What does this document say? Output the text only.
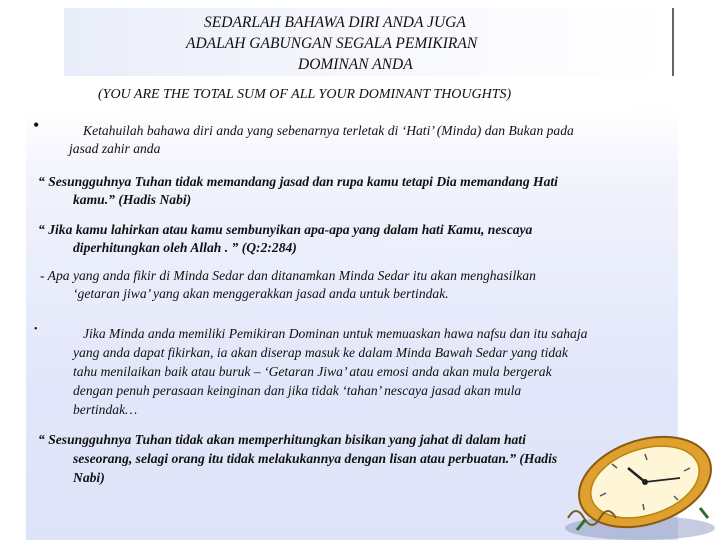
SEDARLAH BAHAWA DIRI ANDA JUGA
ADALAH GABUNGAN SEGALA PEMIKIRAN
DOMINAN ANDA
(YOU ARE THE TOTAL SUM OF ALL YOUR DOMINANT THOUGHTS)
•	Ketahuilah bahawa diri anda yang sebenarnya terletak di ‘Hati’ (Minda) dan Bukan pada
jasad zahir anda
“ Sesungguhnya Tuhan tidak memandang jasad dan rupa kamu tetapi Dia memandang Hati
kamu.” (Hadis Nabi)
“ Jika kamu lahirkan atau kamu sembunyikan apa-apa yang dalam hati Kamu, nescaya
diperhitungkan oleh Allah . ” (Q:2:284)
- Apa yang anda fikir di Minda Sedar dan ditanamkan Minda Sedar itu akan menghasilkan
‘getaran jiwa’ yang akan menggerakkan jasad anda untuk bertindak.
•	Jika Minda anda memiliki Pemikiran Dominan untuk memuaskan hawa nafsu dan itu sahaja
yang anda dapat fikirkan, ia akan diserap masuk ke dalam Minda Bawah Sedar yang tidak
tahu menilaikan baik atau buruk – ‘Getaran Jiwa’ atau emosi anda akan mula bergerak
dengan penuh perasaan keinginan dan jika tidak ‘tahan’ nescaya jasad akan mula
bertindak…
“ Sesungguhnya Tuhan tidak akan memperhitungkan bisikan yang jahat di dalam hati
seseorang, selagi orang itu tidak melakukannya dengan lisan atau perbuatan.” (Hadis
Nabi)
